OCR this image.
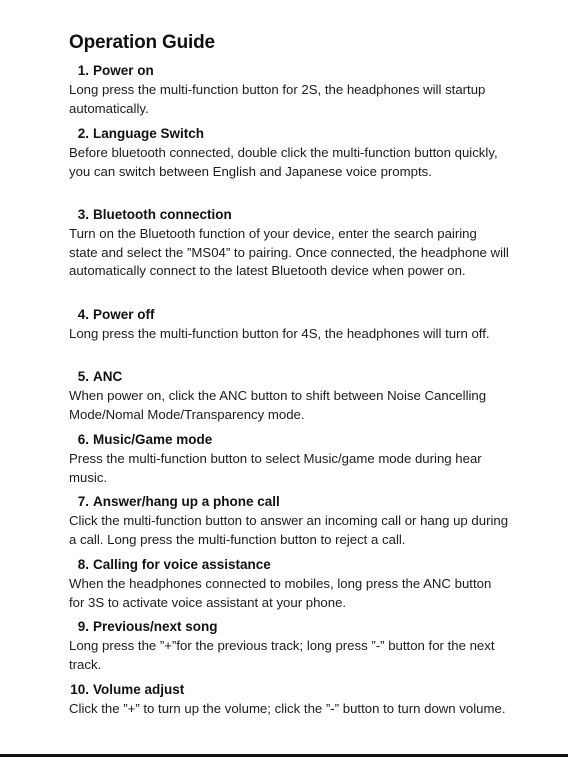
Operation Guide
1. Power on
Long press the multi-function button for 2S, the headphones will startup automatically.
2. Language Switch
Before bluetooth connected, double click the multi-function button quickly, you can switch between English and Japanese voice prompts.
3. Bluetooth connection
Turn on the Bluetooth function of your device, enter the search pairing state and select the ”MS04” to pairing. Once connected, the headphone will automatically connect to the latest Bluetooth device when power on.
4. Power off
Long press the multi-function button for 4S, the headphones will turn off.
5. ANC
When power on, click the ANC button to shift between Noise Cancelling Mode/Nomal Mode/Transparency mode.
6. Music/Game mode
Press the multi-function button to select Music/game mode during hear music.
7. Answer/hang up a phone call
Click the multi-function button to answer an incoming call or hang up during a call. Long press the multi-function button to reject a call.
8. Calling for voice assistance
When the headphones connected to mobiles, long press the ANC button for 3S to activate voice assistant at your phone.
9. Previous/next song
Long press the ”+”for the previous track; long press ”-” button for the next track.
10. Volume adjust
Click the ”+” to turn up the volume; click the ”-” button to turn down volume.
